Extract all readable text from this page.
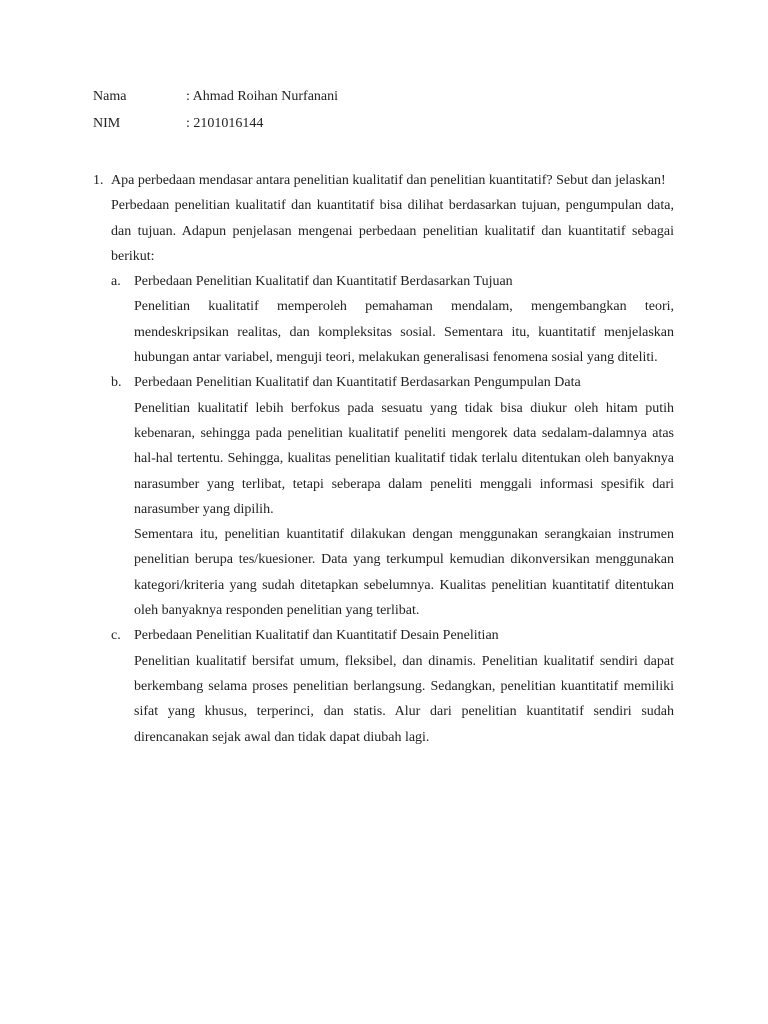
Nama	: Ahmad Roihan Nurfanani
NIM	: 2101016144
1. Apa perbedaan mendasar antara penelitian kualitatif dan penelitian kuantitatif? Sebut dan jelaskan!

Perbedaan penelitian kualitatif dan kuantitatif bisa dilihat berdasarkan tujuan, pengumpulan data, dan tujuan. Adapun penjelasan mengenai perbedaan penelitian kualitatif dan kuantitatif sebagai berikut:

a. Perbedaan Penelitian Kualitatif dan Kuantitatif Berdasarkan Tujuan

Penelitian kualitatif memperoleh pemahaman mendalam, mengembangkan teori, mendeskripsikan realitas, dan kompleksitas sosial. Sementara itu, kuantitatif menjelaskan hubungan antar variabel, menguji teori, melakukan generalisasi fenomena sosial yang diteliti.

b. Perbedaan Penelitian Kualitatif dan Kuantitatif Berdasarkan Pengumpulan Data

Penelitian kualitatif lebih berfokus pada sesuatu yang tidak bisa diukur oleh hitam putih kebenaran, sehingga pada penelitian kualitatif peneliti mengorek data sedalam-dalamnya atas hal-hal tertentu. Sehingga, kualitas penelitian kualitatif tidak terlalu ditentukan oleh banyaknya narasumber yang terlibat, tetapi seberapa dalam peneliti menggali informasi spesifik dari narasumber yang dipilih.

Sementara itu, penelitian kuantitatif dilakukan dengan menggunakan serangkaian instrumen penelitian berupa tes/kuesioner. Data yang terkumpul kemudian dikonversikan menggunakan kategori/kriteria yang sudah ditetapkan sebelumnya. Kualitas penelitian kuantitatif ditentukan oleh banyaknya responden penelitian yang terlibat.

c. Perbedaan Penelitian Kualitatif dan Kuantitatif Desain Penelitian

Penelitian kualitatif bersifat umum, fleksibel, dan dinamis. Penelitian kualitatif sendiri dapat berkembang selama proses penelitian berlangsung. Sedangkan, penelitian kuantitatif memiliki sifat yang khusus, terperinci, dan statis. Alur dari penelitian kuantitatif sendiri sudah direncanakan sejak awal dan tidak dapat diubah lagi.
